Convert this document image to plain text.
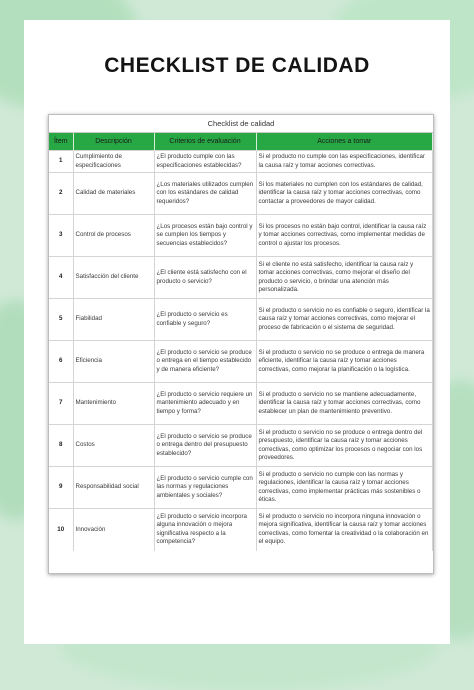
CHECKLIST DE CALIDAD
Checklist de calidad
Ítem	Descripción	Criterios de evaluación	Acciones a tomar
1	Cumplimiento de especificaciones	¿El producto cumple con las especificaciones establecidas?	Si el producto no cumple con las especificaciones, identificar la causa raíz y tomar acciones correctivas.
2	Calidad de materiales	¿Los materiales utilizados cumplen con los estándares de calidad requeridos?	Si los materiales no cumplen con los estándares de calidad, identificar la causa raíz y tomar acciones correctivas, como contactar a proveedores de mayor calidad.
3	Control de procesos	¿Los procesos están bajo control y se cumplen los tiempos y secuencias establecidos?	Si los procesos no están bajo control, identificar la causa raíz y tomar acciones correctivas, como implementar medidas de control o ajustar los procesos.
4	Satisfacción del cliente	¿El cliente está satisfecho con el producto o servicio?	Si el cliente no está satisfecho, identificar la causa raíz y tomar acciones correctivas, como mejorar el diseño del producto o servicio, o brindar una atención más personalizada.
5	Fiabilidad	¿El producto o servicio es confiable y seguro?	Si el producto o servicio no es confiable o seguro, identificar la causa raíz y tomar acciones correctivas, como mejorar el proceso de fabricación o el sistema de seguridad.
6	Eficiencia	¿El producto o servicio se produce o entrega en el tiempo establecido y de manera eficiente?	Si el producto o servicio no se produce o entrega de manera eficiente, identificar la causa raíz y tomar acciones correctivas, como mejorar la planificación o la logística.
7	Mantenimiento	¿El producto o servicio requiere un mantenimiento adecuado y en tiempo y forma?	Si el producto o servicio no se mantiene adecuadamente, identificar la causa raíz y tomar acciones correctivas, como establecer un plan de mantenimiento preventivo.
8	Costos	¿El producto o servicio se produce o entrega dentro del presupuesto establecido?	Si el producto o servicio no se produce o entrega dentro del presupuesto, identificar la causa raíz y tomar acciones correctivas, como optimizar los procesos o negociar con los proveedores.
9	Responsabilidad social	¿El producto o servicio cumple con las normas y regulaciones ambientales y sociales?	Si el producto o servicio no cumple con las normas y regulaciones, identificar la causa raíz y tomar acciones correctivas, como implementar prácticas más sostenibles o éticas.
10	Innovación	¿El producto o servicio incorpora alguna innovación o mejora significativa respecto a la competencia?	Si el producto o servicio no incorpora ninguna innovación o mejora significativa, identificar la causa raíz y tomar acciones correctivas, como fomentar la creatividad o la colaboración en el equipo.
